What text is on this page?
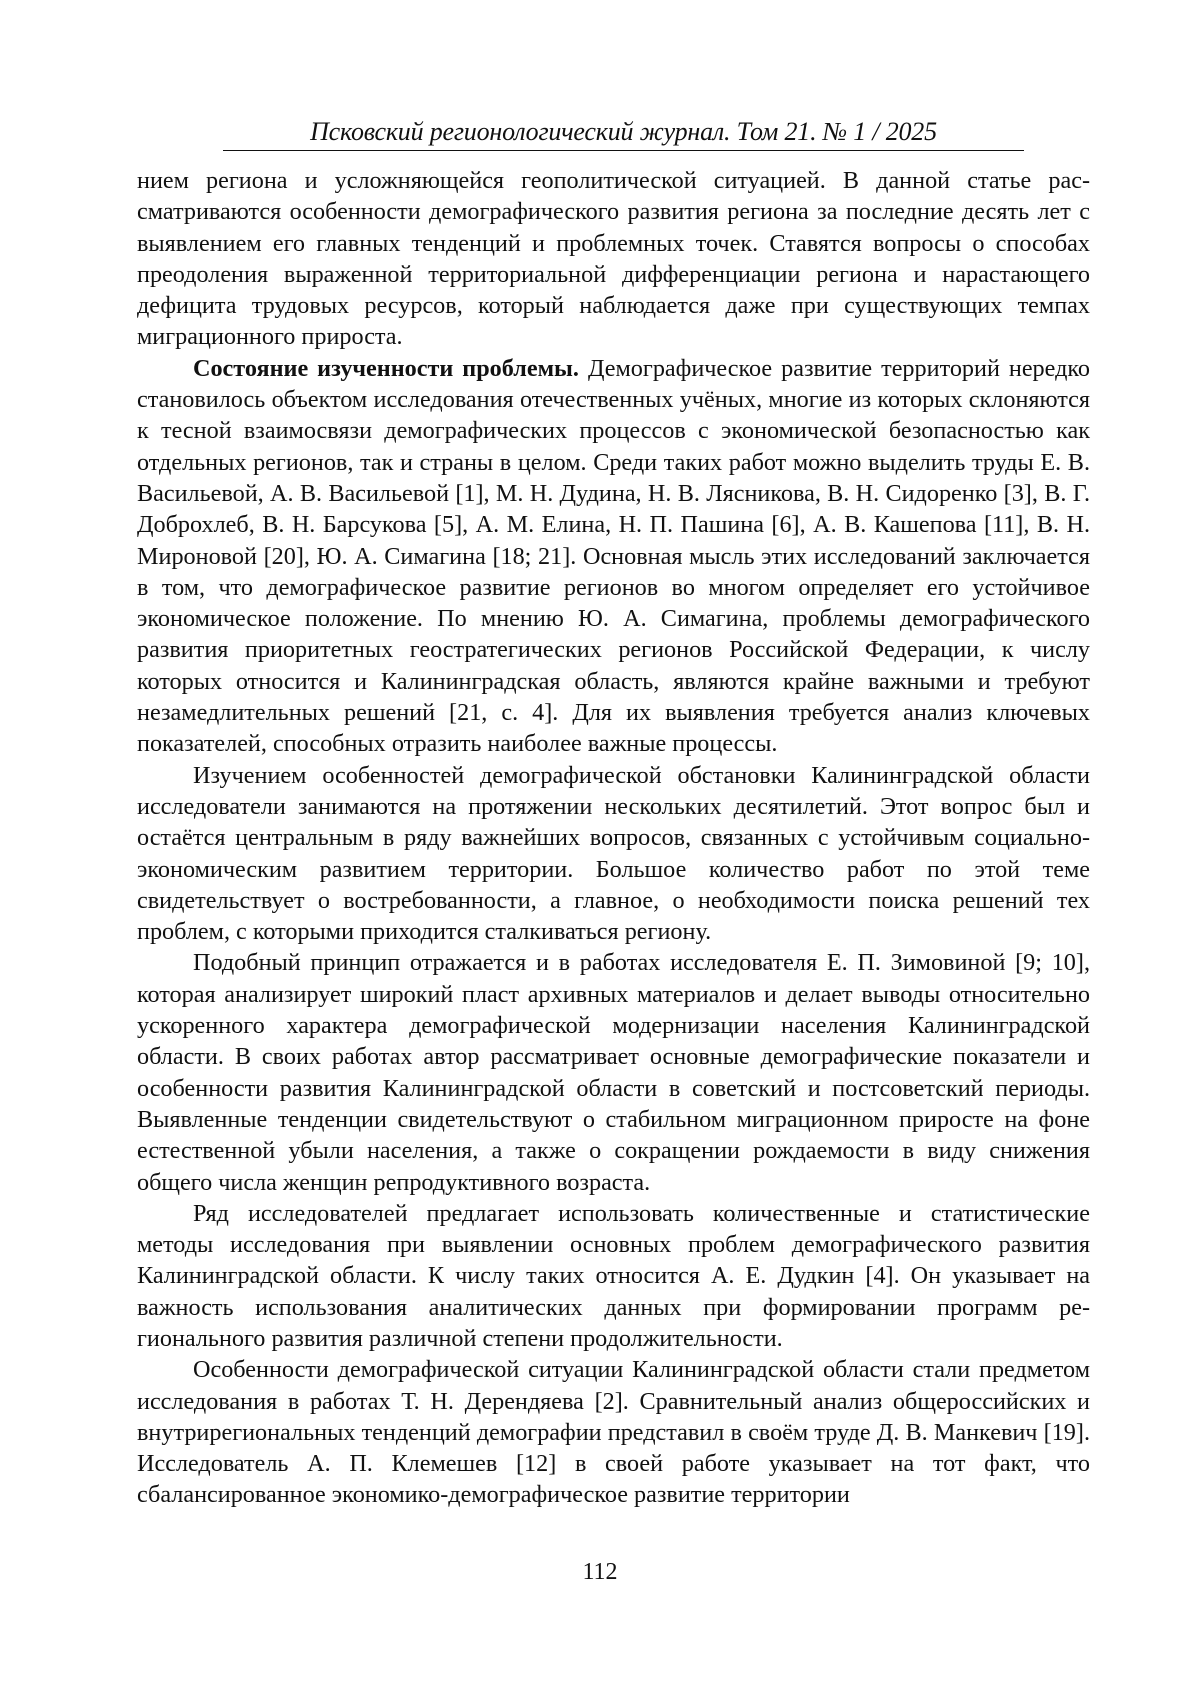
Псковский регионологический журнал. Том 21. № 1 / 2025

нием региона и усложняющейся геополитической ситуацией. В данной статье рассматриваются особенности демографического развития региона за последние десять лет с выявлением его главных тенденций и проблемных точек. Ставятся вопросы о способах преодоления выраженной территориальной дифференциации региона и нарастающего дефицита трудовых ресурсов, который наблюдается даже при существующих темпах миграционного прироста.

Состояние изученности проблемы. Демографическое развитие территорий нередко становилось объектом исследования отечественных учёных, многие из которых склоняются к тесной взаимосвязи демографических процессов с экономической безопасностью как отдельных регионов, так и страны в целом. Среди таких работ можно выделить труды Е. В. Васильевой, А. В. Васильевой [1], М. Н. Дудина, Н. В. Лясникова, В. Н. Сидоренко [3], В. Г. Доброхлеб, В. Н. Барсукова [5], А. М. Елина, Н. П. Пашина [6], А. В. Кашепова [11], В. Н. Мироновой [20], Ю. А. Симагина [18; 21]. Основная мысль этих исследований заключается в том, что демографическое развитие регионов во многом определяет его устойчивое экономическое положение. По мнению Ю. А. Симагина, проблемы демографического развития приоритетных геостратегических регионов Российской Федерации, к числу которых относится и Калининградская область, являются крайне важными и требуют незамедлительных решений [21, с. 4]. Для их выявления требуется анализ ключевых показателей, способных отразить наиболее важные процессы.

Изучением особенностей демографической обстановки Калининградской области исследователи занимаются на протяжении нескольких десятилетий. Этот вопрос был и остаётся центральным в ряду важнейших вопросов, связанных с устойчивым социально-экономическим развитием территории. Большое количество работ по этой теме свидетельствует о востребованности, а главное, о необходимости поиска решений тех проблем, с которыми приходится сталкиваться региону.

Подобный принцип отражается и в работах исследователя Е. П. Зимовиной [9; 10], которая анализирует широкий пласт архивных материалов и делает выводы относительно ускоренного характера демографической модернизации населения Калининградской области. В своих работах автор рассматривает основные демографические показатели и особенности развития Калининградской области в советский и постсоветский периоды. Выявленные тенденции свидетельствуют о стабильном миграционном приросте на фоне естественной убыли населения, а также о сокращении рождаемости в виду снижения общего числа женщин репродуктивного возраста.

Ряд исследователей предлагает использовать количественные и статистические методы исследования при выявлении основных проблем демографического развития Калининградской области. К числу таких относится А. Е. Дудкин [4]. Он указывает на важность использования аналитических данных при формировании программ регионального развития различной степени продолжительности.

Особенности демографической ситуации Калининградской области стали предметом исследования в работах Т. Н. Дерендяева [2]. Сравнительный анализ общероссийских и внутрирегиональных тенденций демографии представил в своём труде Д. В. Манкевич [19]. Исследователь А. П. Клемешев [12] в своей работе указывает на тот факт, что сбалансированное экономико-демографическое развитие территории

112
